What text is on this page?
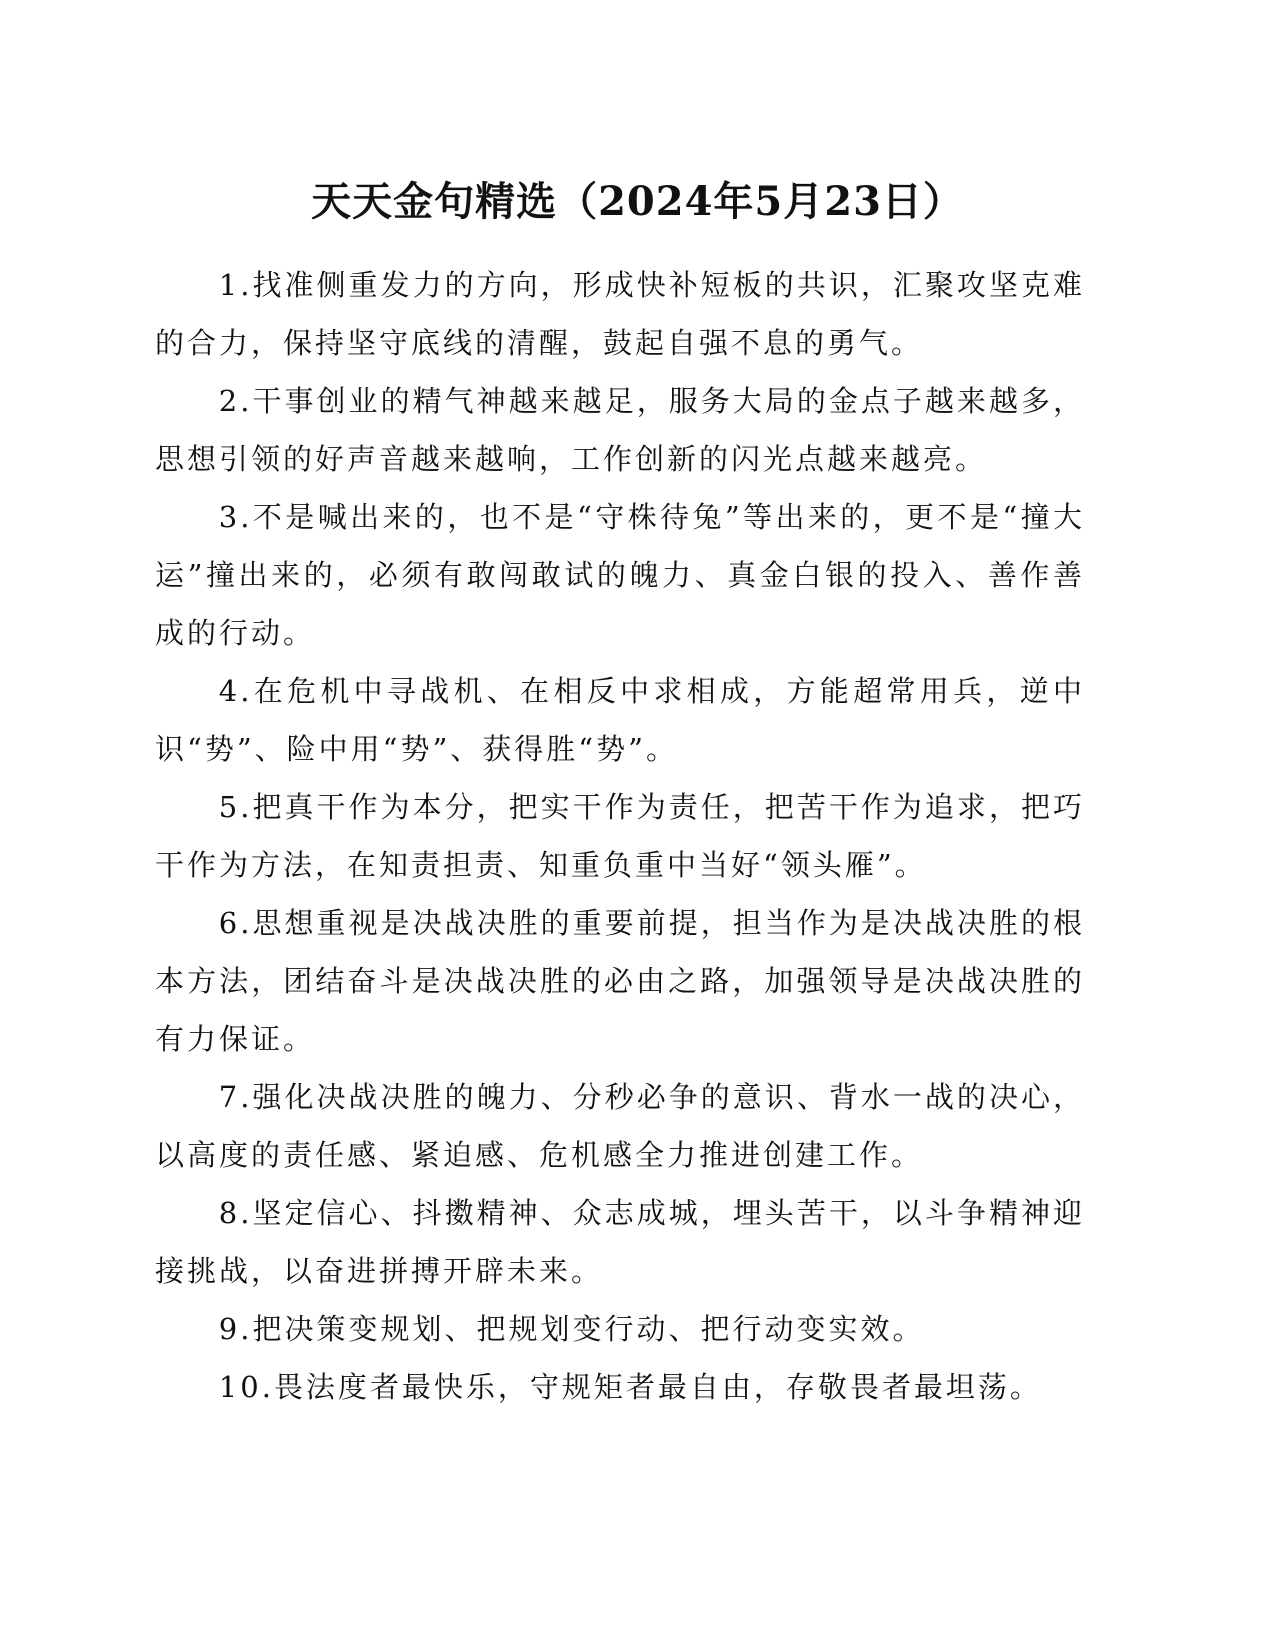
天天金句精选（2024年5月23日）

1.找准侧重发力的方向，形成快补短板的共识，汇聚攻坚克难的合力，保持坚守底线的清醒，鼓起自强不息的勇气。

2.干事创业的精气神越来越足，服务大局的金点子越来越多，思想引领的好声音越来越响，工作创新的闪光点越来越亮。

3.不是喊出来的，也不是“守株待兔”等出来的，更不是“撞大运”撞出来的，必须有敢闯敢试的魄力、真金白银的投入、善作善成的行动。

4.在危机中寻战机、在相反中求相成，方能超常用兵，逆中识“势”、险中用“势”、获得胜“势”。

5.把真干作为本分，把实干作为责任，把苦干作为追求，把巧干作为方法，在知责担责、知重负重中当好“领头雁”。

6.思想重视是决战决胜的重要前提，担当作为是决战决胜的根本方法，团结奋斗是决战决胜的必由之路，加强领导是决战决胜的有力保证。

7.强化决战决胜的魄力、分秒必争的意识、背水一战的决心，以高度的责任感、紧迫感、危机感全力推进创建工作。

8.坚定信心、抖擞精神、众志成城，埋头苦干，以斗争精神迎接挑战，以奋进拼搏开辟未来。

9.把决策变规划、把规划变行动、把行动变实效。

10.畏法度者最快乐，守规矩者最自由，存敬畏者最坦荡。
